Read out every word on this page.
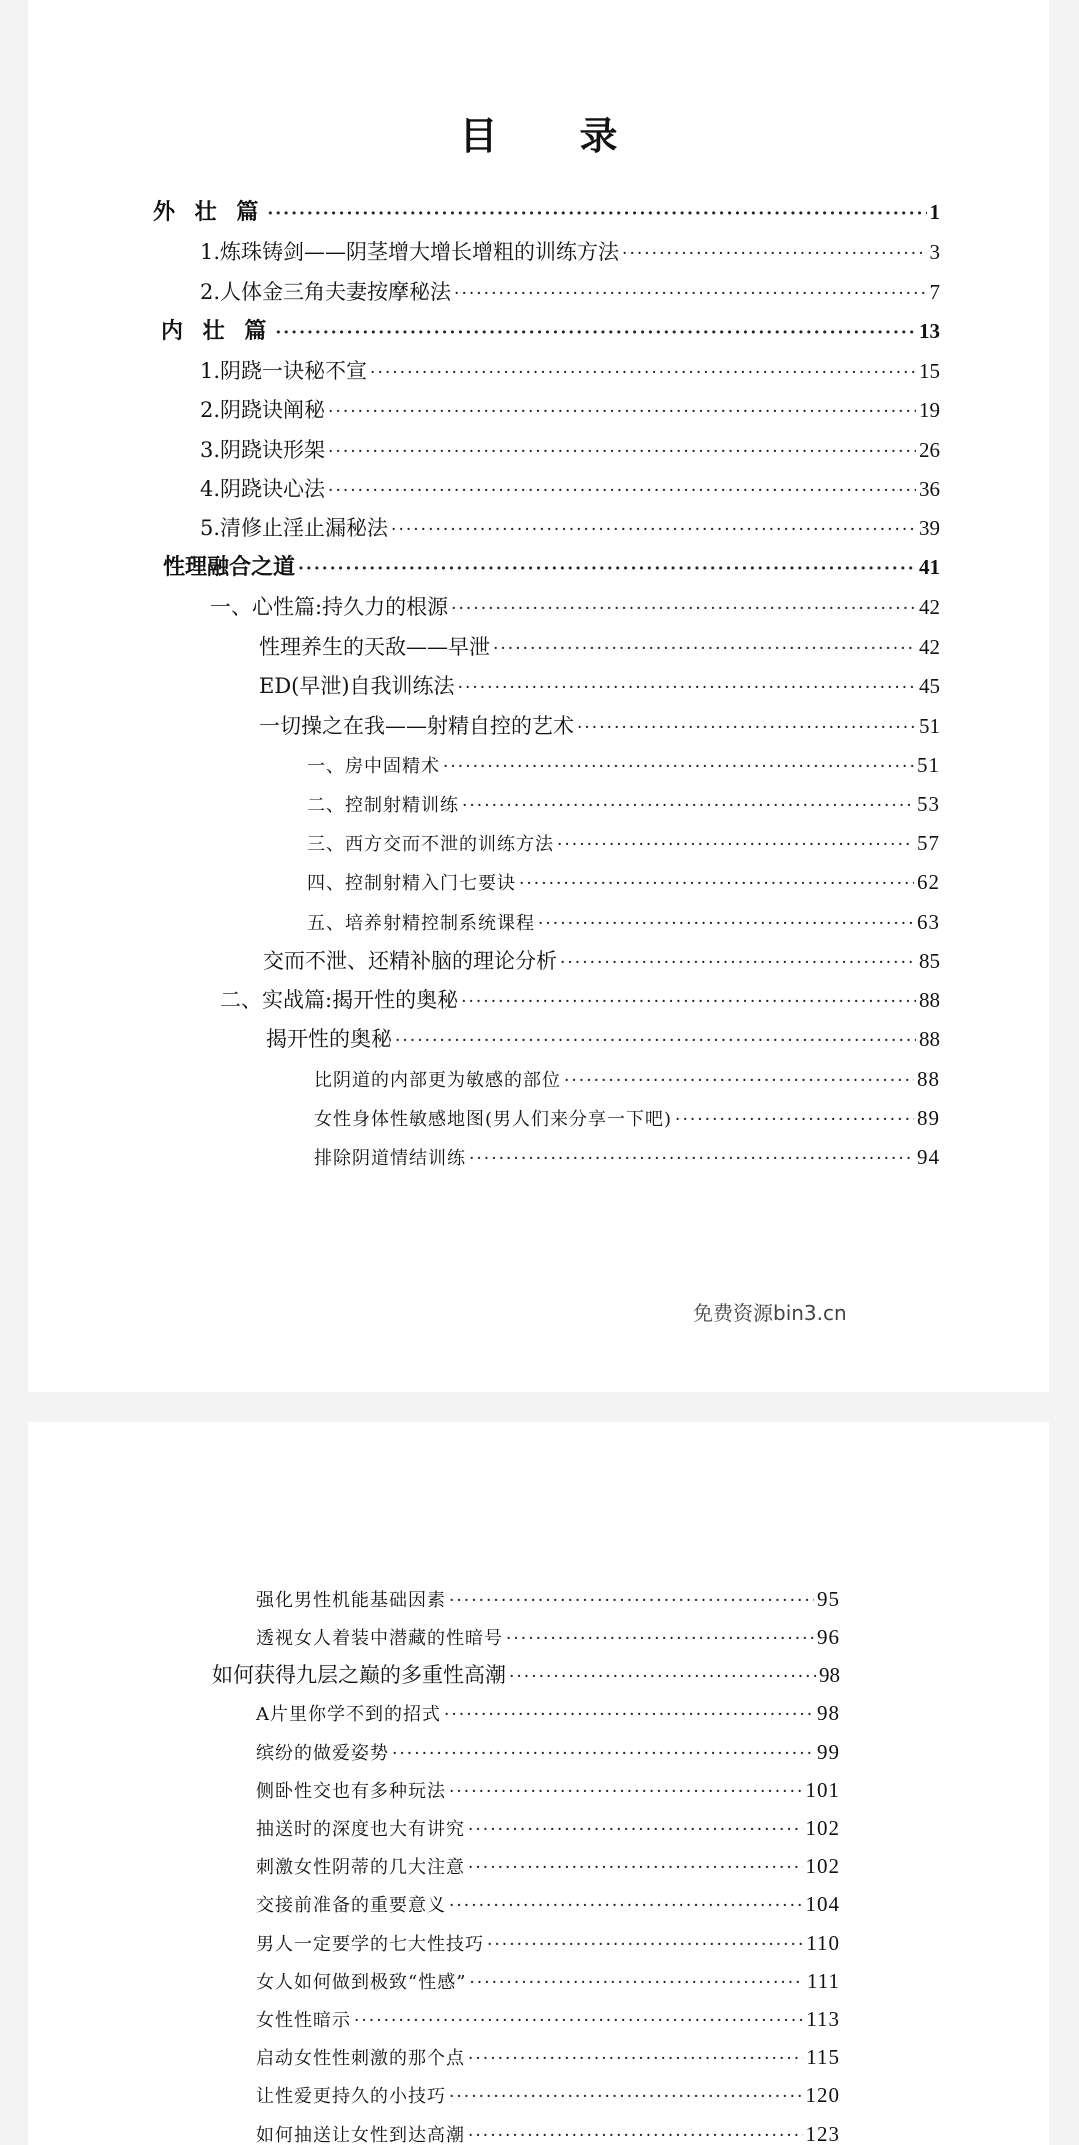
目　录
外 壮 篇 ·····	1
1.炼珠铸剑——阴茎增大增长增粗的训练方法 ·····	3
2.人体金三角夫妻按摩秘法 ·····	7
内 壮 篇 ·····	13
1.阴跷一诀秘不宣 ·····	15
2.阴跷诀阐秘 ·····	19
3.阴跷诀形架 ·····	26
4.阴跷诀心法 ·····	36
5.清修止淫止漏秘法 ·····	39
性理融合之道 ·····	41
一、心性篇:持久力的根源 ·····	42
性理养生的天敌——早泄 ·····	42
ED(早泄)自我训练法 ·····	45
一切操之在我——射精自控的艺术 ·····	51
一、房中固精术 ·····	51
二、控制射精训练 ·····	53
三、西方交而不泄的训练方法 ·····	57
四、控制射精入门七要诀 ·····	62
五、培养射精控制系统课程 ·····	63
交而不泄、还精补脑的理论分析 ·····	85
二、实战篇:揭开性的奥秘 ·····	88
揭开性的奥秘 ·····	88
比阴道的内部更为敏感的部位 ·····	88
女性身体性敏感地图(男人们来分享一下吧) ·····	89
排除阴道情结训练 ·····	94
免费资源bin3.cn
强化男性机能基础因素 ·····	95
透视女人着装中潜藏的性暗号 ·····	96
如何获得九层之巅的多重性高潮 ·····	98
A片里你学不到的招式 ·····	98
缤纷的做爱姿势 ·····	99
侧卧性交也有多种玩法 ·····	101
抽送时的深度也大有讲究 ·····	102
刺激女性阴蒂的几大注意 ·····	102
交接前准备的重要意义 ·····	104
男人一定要学的七大性技巧 ·····	110
女人如何做到极致“性感” ·····	111
女性性暗示 ·····	113
启动女性性刺激的那个点 ·····	115
让性爱更持久的小技巧 ·····	120
如何抽送让女性到达高潮 ·····	123
